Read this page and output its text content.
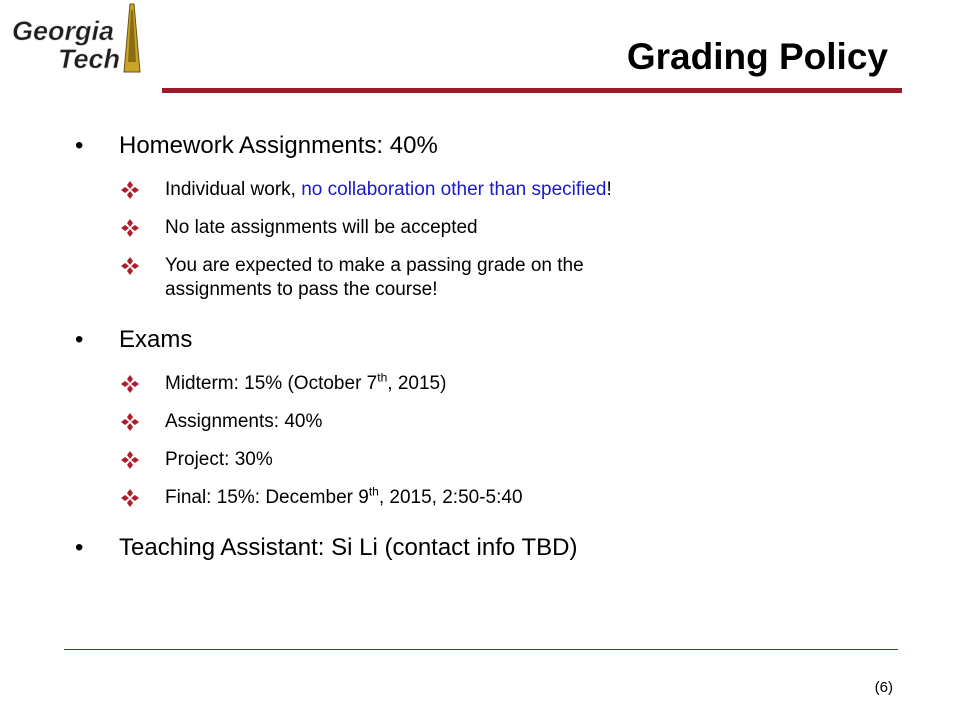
Georgia
Tech	Grading Policy
• Homework Assignments: 40%
Individual work, no collaboration other than specified!
No late assignments will be accepted
You are expected to make a passing grade on the
assignments to pass the course!
• Exams
Midterm: 15% (October 7th, 2015)
Assignments: 40%
Project: 30%
Final: 15%: December 9th, 2015, 2:50-5:40
• Teaching Assistant: Si Li (contact info TBD)
(6)
